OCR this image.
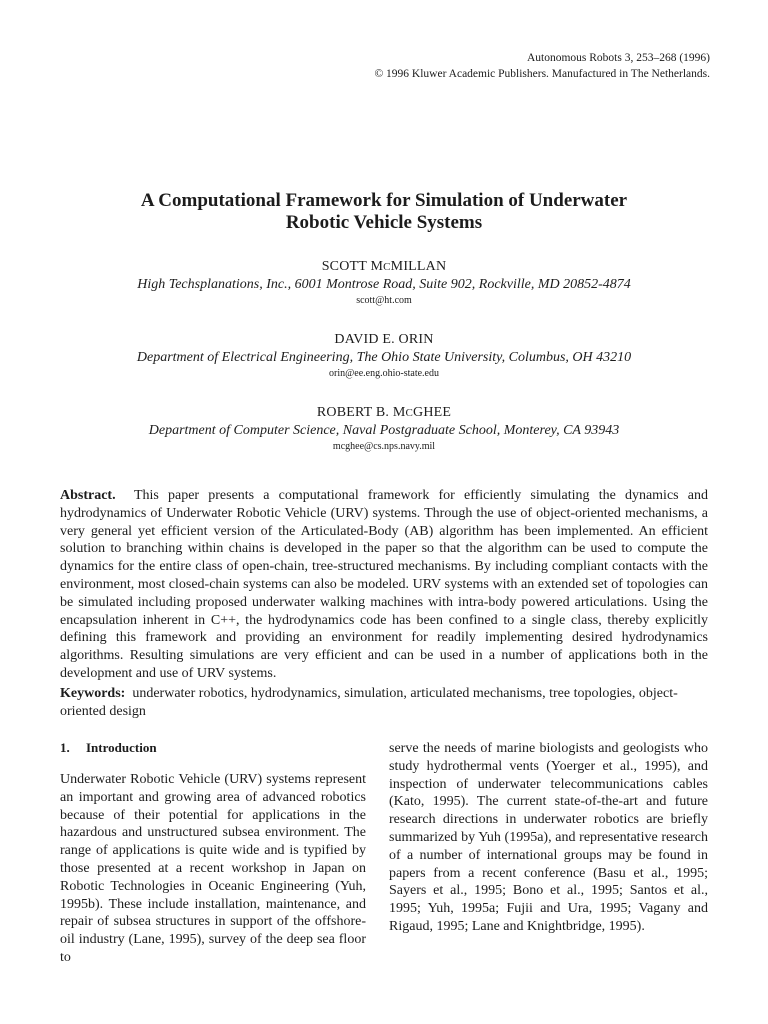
Autonomous Robots 3, 253–268 (1996)
© 1996 Kluwer Academic Publishers. Manufactured in The Netherlands.
A Computational Framework for Simulation of Underwater
Robotic Vehicle Systems
SCOTT MCMILLAN
High Techsplanations, Inc., 6001 Montrose Road, Suite 902, Rockville, MD 20852-4874
scott@ht.com
DAVID E. ORIN
Department of Electrical Engineering, The Ohio State University, Columbus, OH 43210
orin@ee.eng.ohio-state.edu
ROBERT B. MCGHEE
Department of Computer Science, Naval Postgraduate School, Monterey, CA 93943
mcghee@cs.nps.navy.mil
Abstract. This paper presents a computational framework for efficiently simulating the dynamics and hydrodynamics of Underwater Robotic Vehicle (URV) systems. Through the use of object-oriented mechanisms, a very general yet efficient version of the Articulated-Body (AB) algorithm has been implemented. An efficient solution to branching within chains is developed in the paper so that the algorithm can be used to compute the dynamics for the entire class of open-chain, tree-structured mechanisms. By including compliant contacts with the environment, most closed-chain systems can also be modeled. URV systems with an extended set of topologies can be simulated including proposed underwater walking machines with intra-body powered articulations. Using the encapsulation inherent in C++, the hydrodynamics code has been confined to a single class, thereby explicitly defining this framework and providing an environment for readily implementing desired hydrodynamics algorithms. Resulting simulations are very efficient and can be used in a number of applications both in the development and use of URV systems.
Keywords: underwater robotics, hydrodynamics, simulation, articulated mechanisms, tree topologies, object-oriented design
1. Introduction

Underwater Robotic Vehicle (URV) systems represent an important and growing area of advanced robotics because of their potential for applications in the hazardous and unstructured subsea environment. The range of applications is quite wide and is typified by those presented at a recent workshop in Japan on Robotic Technologies in Oceanic Engineering (Yuh, 1995b). These include installation, maintenance, and repair of subsea structures in support of the offshore-oil industry (Lane, 1995), survey of the deep sea floor to

serve the needs of marine biologists and geologists who study hydrothermal vents (Yoerger et al., 1995), and inspection of underwater telecommunications cables (Kato, 1995). The current state-of-the-art and future research directions in underwater robotics are briefly summarized by Yuh (1995a), and representative research of a number of international groups may be found in papers from a recent conference (Basu et al., 1995; Sayers et al., 1995; Bono et al., 1995; Santos et al., 1995; Yuh, 1995a; Fujii and Ura, 1995; Vagany and Rigaud, 1995; Lane and Knightbridge, 1995).
